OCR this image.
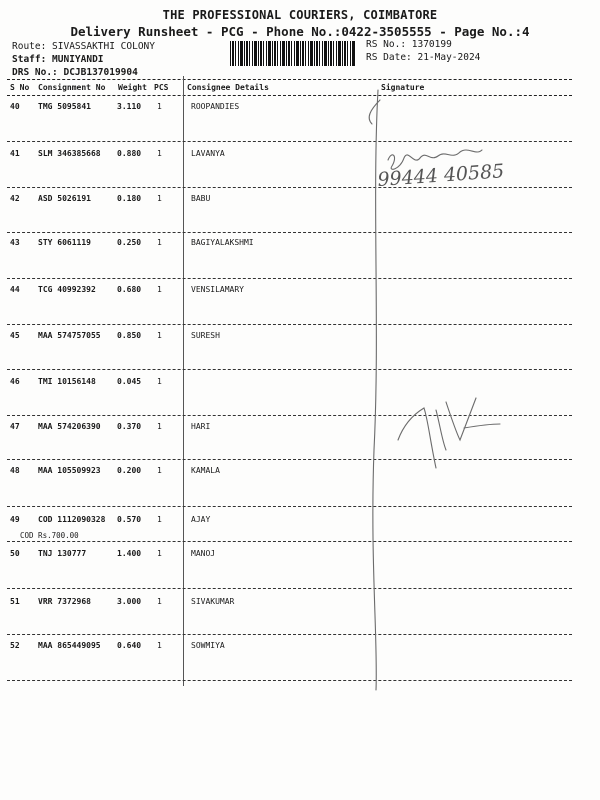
THE PROFESSIONAL COURIERS, COIMBATORE
Delivery Runsheet - PCG - Phone No.:0422-3505555 - Page No.:4
Route: SIVASSAKTHI COLONY
Staff: MUNIYANDI
DRS No.: DCJB137019904
RS No.: 1370199
RS Date: 21-May-2024
S No Consignment No Weight PCS Consignee Details	Signature
40 TMG 5095841	3.110 1	ROOPANDIES
41 SLM 346385668 0.880 1	LAVANYA
42 ASD 5026191	0.180 1	BABU
43 STY 6061119	0.250 1	BAGIYALAKSHMI
44 TCG 40992392	0.680 1	VENSILAMARY
45 MAA 574757055 0.850 1	SURESH
46 TMI 10156148	0.045 1
47 MAA 574206390 0.370 1	HARI
48 MAA 105509923 0.200 1	KAMALA
49 COD 1112090328 0.570 1	AJAY
50 TNJ 130777	1.400 1	MANOJ
51 VRR 7372968	3.000 1	SIVAKUMAR
52 MAA 865449095 0.640 1	SOWMIYA
COD Rs.700.00
99444 40585
